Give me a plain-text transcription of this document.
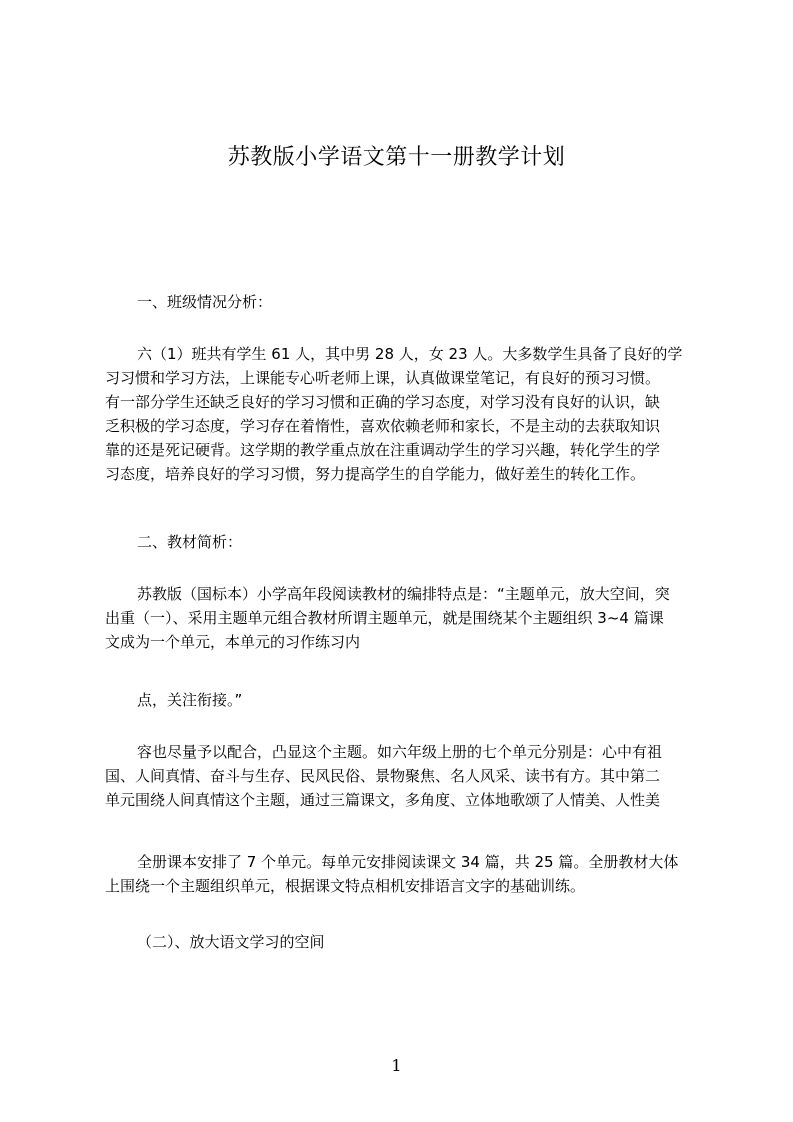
苏教版小学语文第十一册教学计划
一、班级情况分析：
六（1）班共有学生 61 人，其中男 28 人，女 23 人。大多数学生具备了良好的学
习习惯和学习方法，上课能专心听老师上课，认真做课堂笔记，有良好的预习习惯。
有一部分学生还缺乏良好的学习习惯和正确的学习态度，对学习没有良好的认识，缺
乏积极的学习态度，学习存在着惰性，喜欢依赖老师和家长，不是主动的去获取知识
靠的还是死记硬背。这学期的教学重点放在注重调动学生的学习兴趣，转化学生的学
习态度，培养良好的学习习惯，努力提高学生的自学能力，做好差生的转化工作。
二、教材简析：
苏教版（国标本）小学高年段阅读教材的编排特点是：“主题单元，放大空间，突
出重（一）、采用主题单元组合教材所谓主题单元，就是围绕某个主题组织 3~4 篇课
文成为一个单元，本单元的习作练习内
点，关注衔接。”
容也尽量予以配合，凸显这个主题。如六年级上册的七个单元分别是：心中有祖
国、人间真情、奋斗与生存、民风民俗、景物聚焦、名人风采、读书有方。其中第二
单元围绕人间真情这个主题，通过三篇课文，多角度、立体地歌颂了人情美、人性美
全册课本安排了 7 个单元。每单元安排阅读课文 34 篇，共 25 篇。全册教材大体
上围绕一个主题组织单元，根据课文特点相机安排语言文字的基础训练。
（二）、放大语文学习的空间
1
